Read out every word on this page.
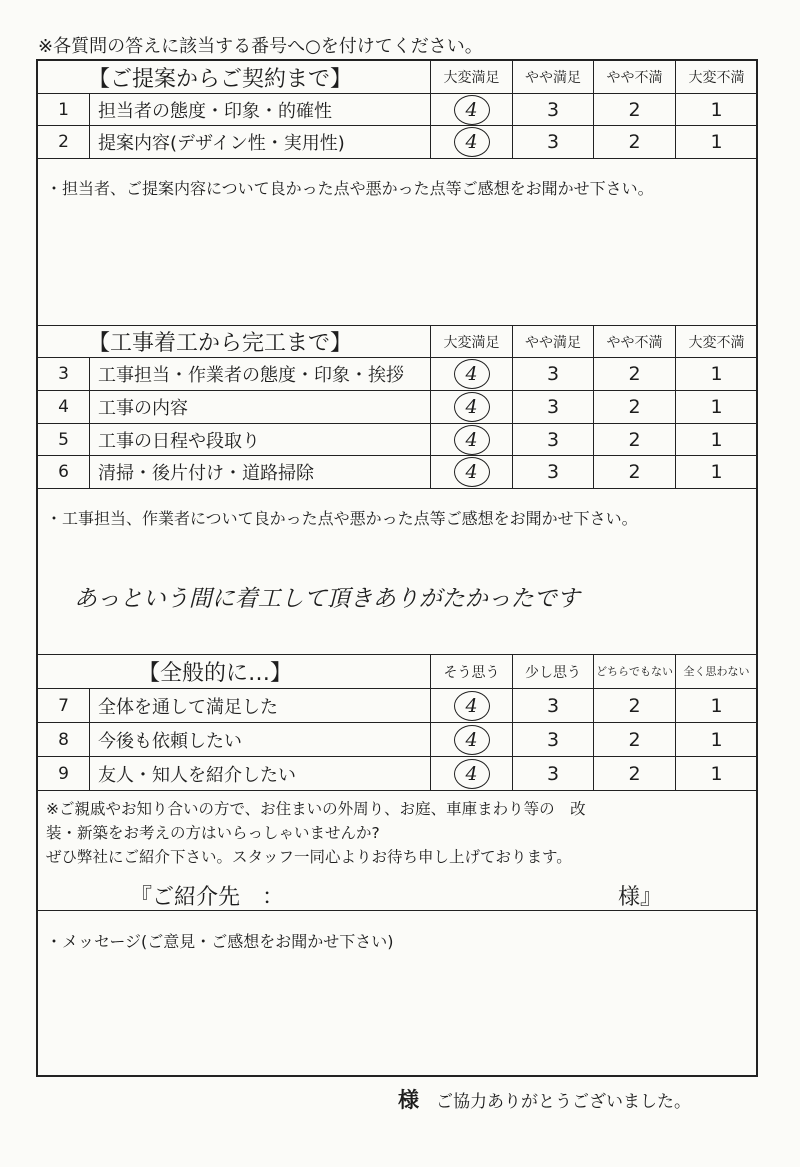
※各質問の答えに該当する番号へ○を付けてください。
【ご提案からご契約まで】		大変満足	やや満足	やや不満	大変不満
1	担当者の態度・印象・的確性	4	3	2	1
2	提案内容(デザイン性・実用性)	4	3	2	1
・担当者、ご提案内容について良かった点や悪かった点等ご感想をお聞かせ下さい。
【工事着工から完工まで】		大変満足	やや満足	やや不満	大変不満
3	工事担当・作業者の態度・印象・挨拶	4	3	2	1
4	工事の内容	4	3	2	1
5	工事の日程や段取り	4	3	2	1
6	清掃・後片付け・道路掃除	4	3	2	1
・工事担当、作業者について良かった点や悪かった点等ご感想をお聞かせ下さい。
あっという間に着工して頂きありがたかったです
【全般的に…】		そう思う	少し思う	どちらでもない	全く思わない
7	全体を通して満足した	4	3	2	1
8	今後も依頼したい	4	3	2	1
9	友人・知人を紹介したい	4	3	2	1
※ご親戚やお知り合いの方で、お住まいの外周り、お庭、車庫まわり等の　改
装・新築をお考えの方はいらっしゃいませんか?
ぜひ弊社にご紹介下さい。スタッフ一同心よりお待ち申し上げております。
『ご紹介先　：	様』
・メッセージ(ご意見・ご感想をお聞かせ下さい)
様 ご協力ありがとうございました。
